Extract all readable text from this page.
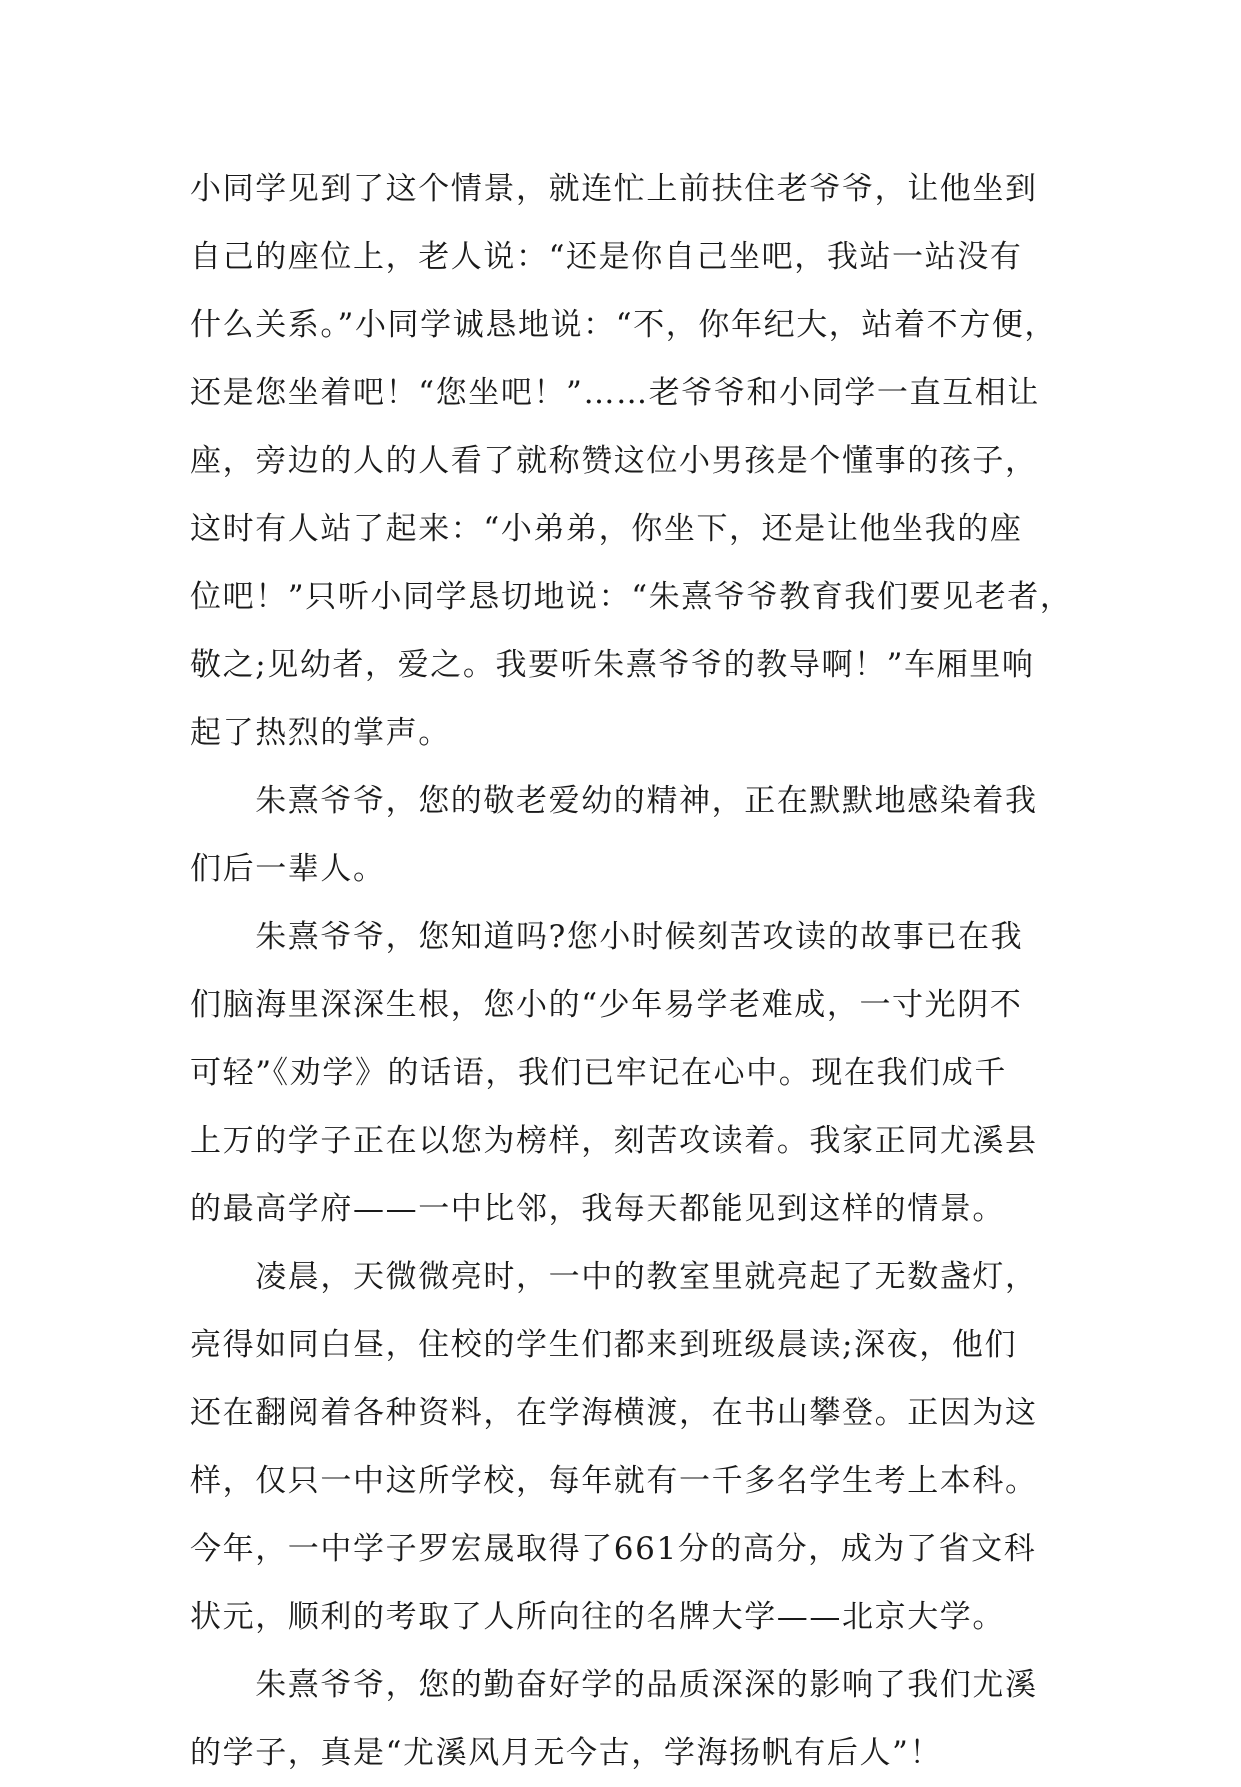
小同学见到了这个情景，就连忙上前扶住老爷爷，让他坐到
自己的座位上，老人说：“还是你自己坐吧，我站一站没有
什么关系。”小同学诚恳地说：“不，你年纪大，站着不方便，
还是您坐着吧！“您坐吧！”……老爷爷和小同学一直互相让
座，旁边的人的人看了就称赞这位小男孩是个懂事的孩子，
这时有人站了起来：“小弟弟，你坐下，还是让他坐我的座
位吧！”只听小同学恳切地说：“朱熹爷爷教育我们要见老者，
敬之;见幼者，爱之。我要听朱熹爷爷的教导啊！”车厢里响
起了热烈的掌声。
　　朱熹爷爷，您的敬老爱幼的精神，正在默默地感染着我
们后一辈人。
　　朱熹爷爷，您知道吗?您小时候刻苦攻读的故事已在我
们脑海里深深生根，您小的“少年易学老难成，一寸光阴不
可轻”《劝学》的话语，我们已牢记在心中。现在我们成千
上万的学子正在以您为榜样，刻苦攻读着。我家正同尤溪县
的最高学府——一中比邻，我每天都能见到这样的情景。
　　凌晨，天微微亮时，一中的教室里就亮起了无数盏灯，
亮得如同白昼，住校的学生们都来到班级晨读;深夜，他们
还在翻阅着各种资料，在学海横渡，在书山攀登。正因为这
样，仅只一中这所学校，每年就有一千多名学生考上本科。
今年，一中学子罗宏晟取得了661分的高分，成为了省文科
状元，顺利的考取了人所向往的名牌大学——北京大学。
　　朱熹爷爷，您的勤奋好学的品质深深的影响了我们尤溪
的学子，真是“尤溪风月无今古，学海扬帆有后人”！
